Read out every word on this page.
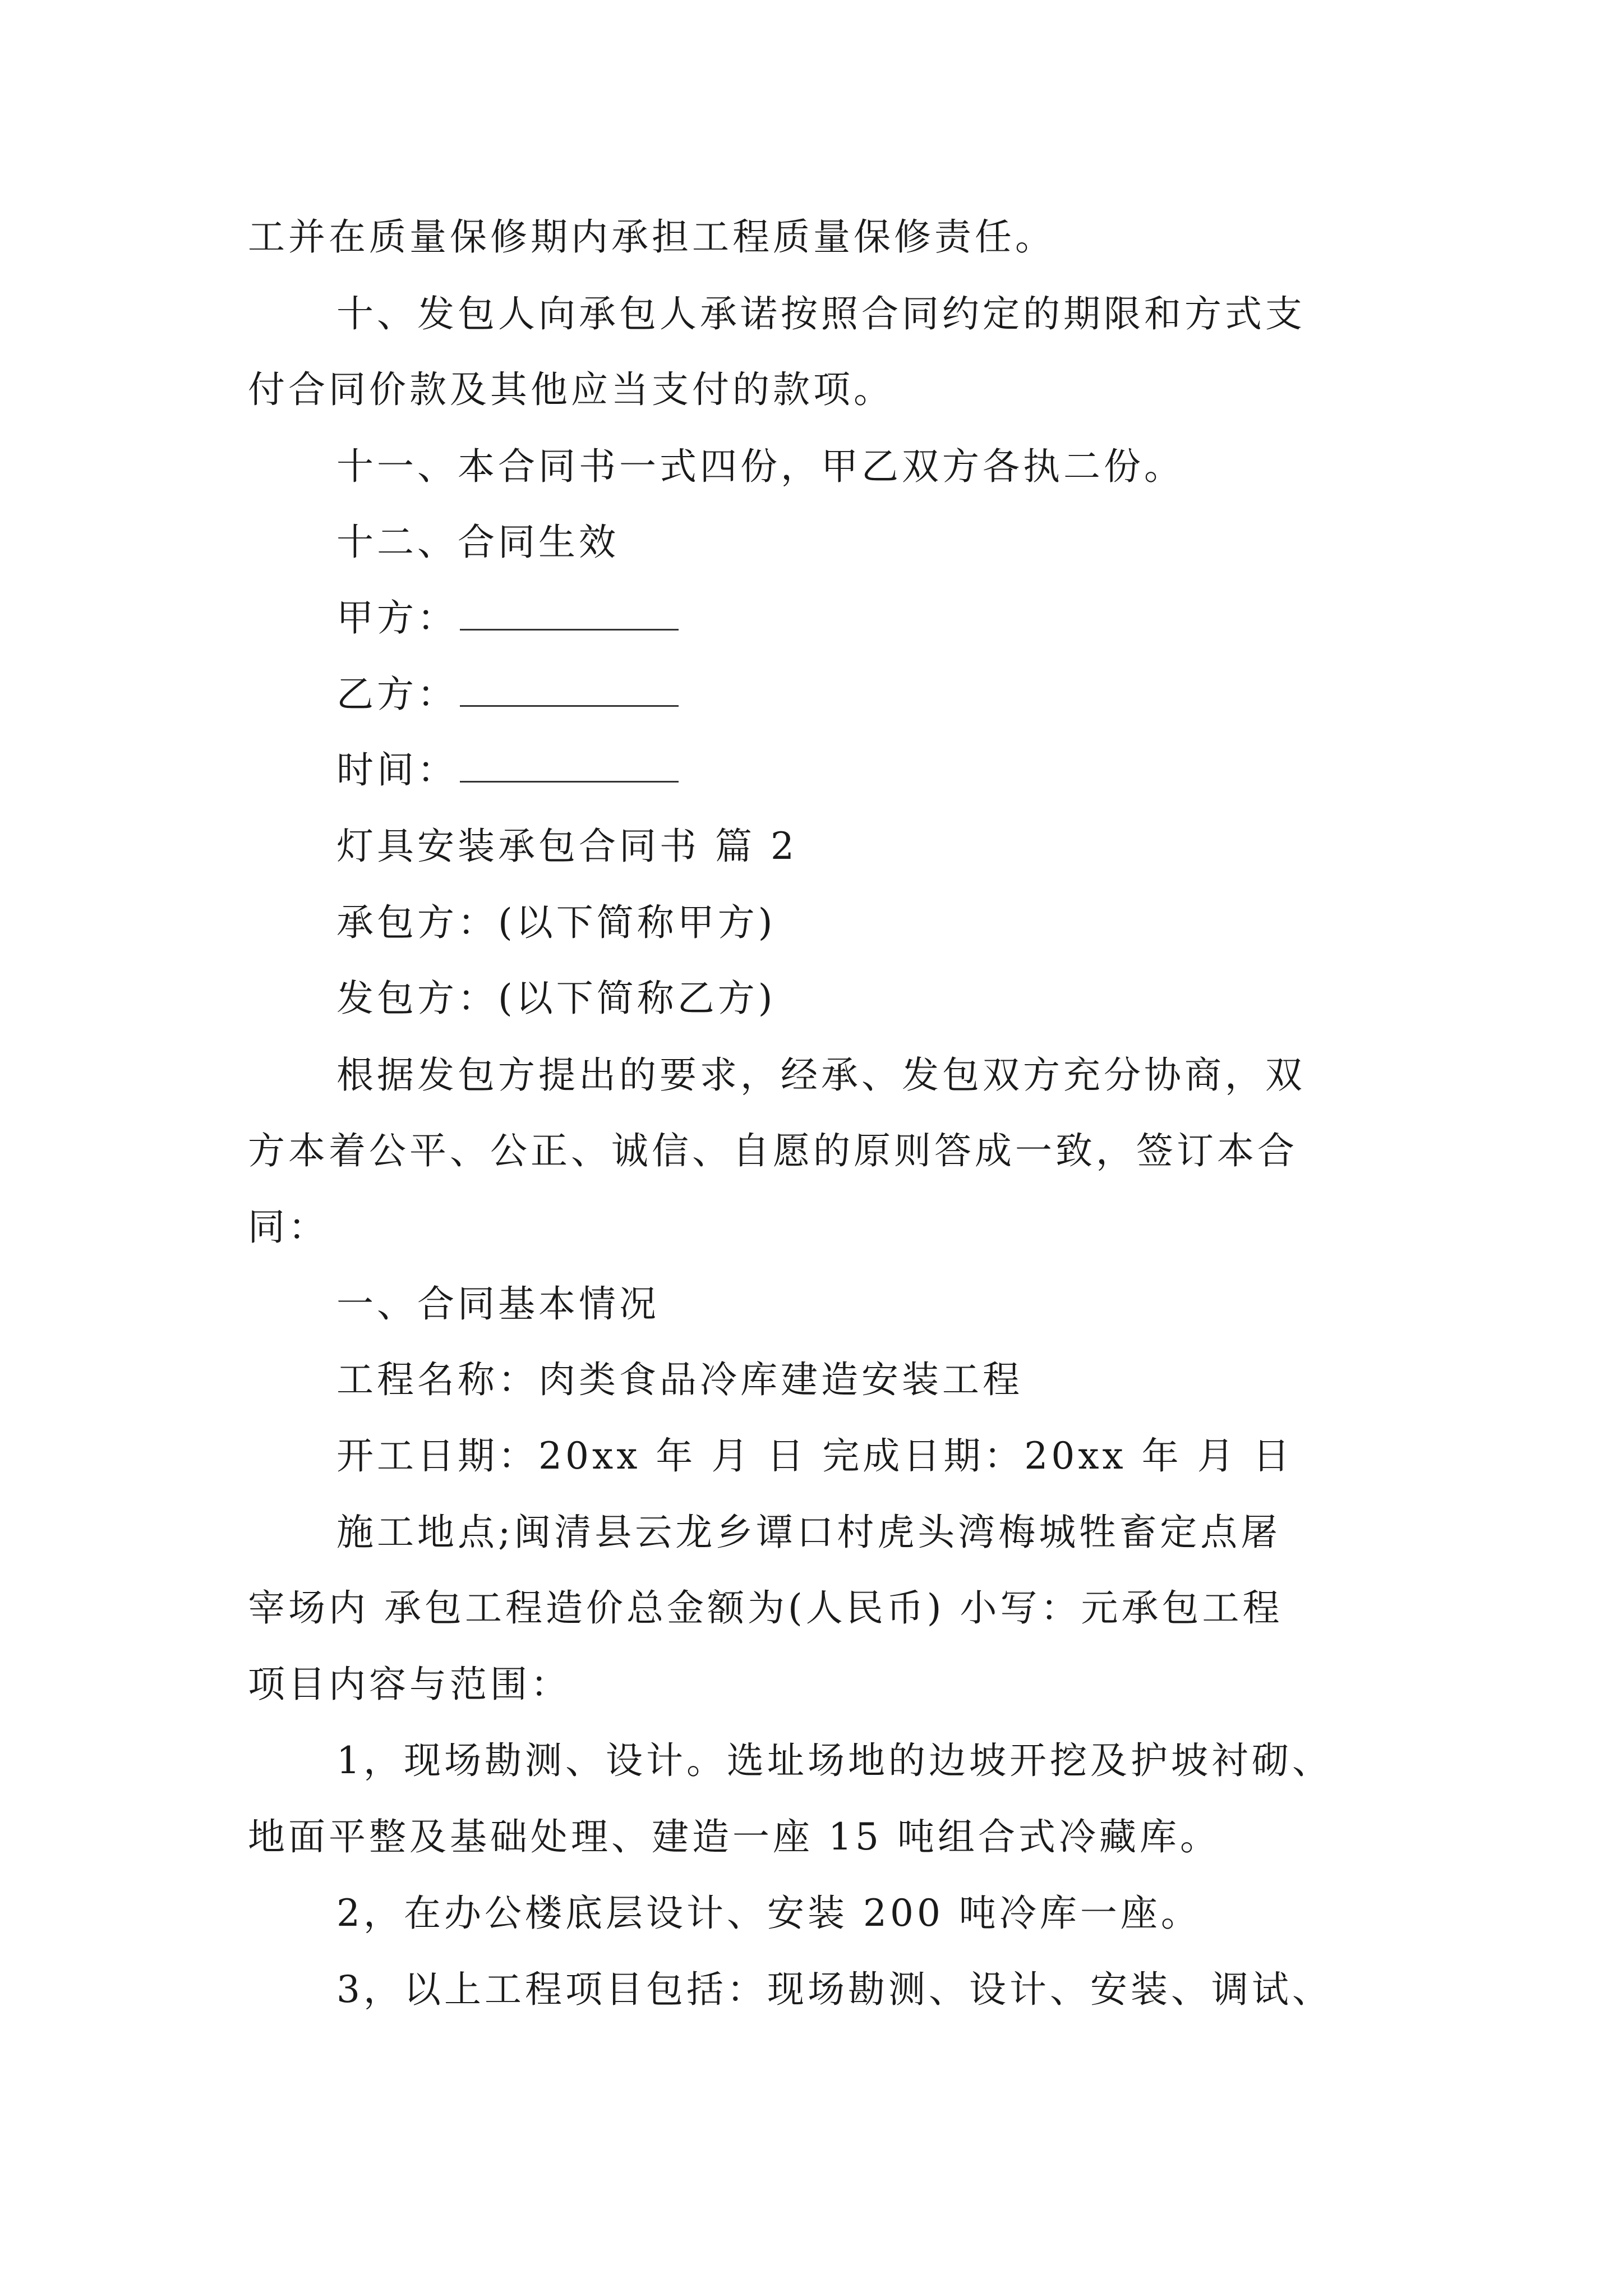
工并在质量保修期内承担工程质量保修责任。
十、发包人向承包人承诺按照合同约定的期限和方式支
付合同价款及其他应当支付的款项。
十一、本合同书一式四份，甲乙双方各执二份。
十二、合同生效
甲方：
乙方：
时间：
灯具安装承包合同书 篇 2
承包方：(以下简称甲方)
发包方：(以下简称乙方)
根据发包方提出的要求，经承、发包双方充分协商，双
方本着公平、公正、诚信、自愿的原则答成一致，签订本合
同：
一、合同基本情况
工程名称：肉类食品冷库建造安装工程
开工日期：20xx 年 月 日 完成日期：20xx 年 月 日
施工地点;闽清县云龙乡谭口村虎头湾梅城牲畜定点屠
宰场内 承包工程造价总金额为(人民币) 小写：元承包工程
项目内容与范围：
1，现场勘测、设计。选址场地的边坡开挖及护坡衬砌、
地面平整及基础处理、建造一座 15 吨组合式冷藏库。
2，在办公楼底层设计、安装 200 吨冷库一座。
3，以上工程项目包括：现场勘测、设计、安装、调试、
